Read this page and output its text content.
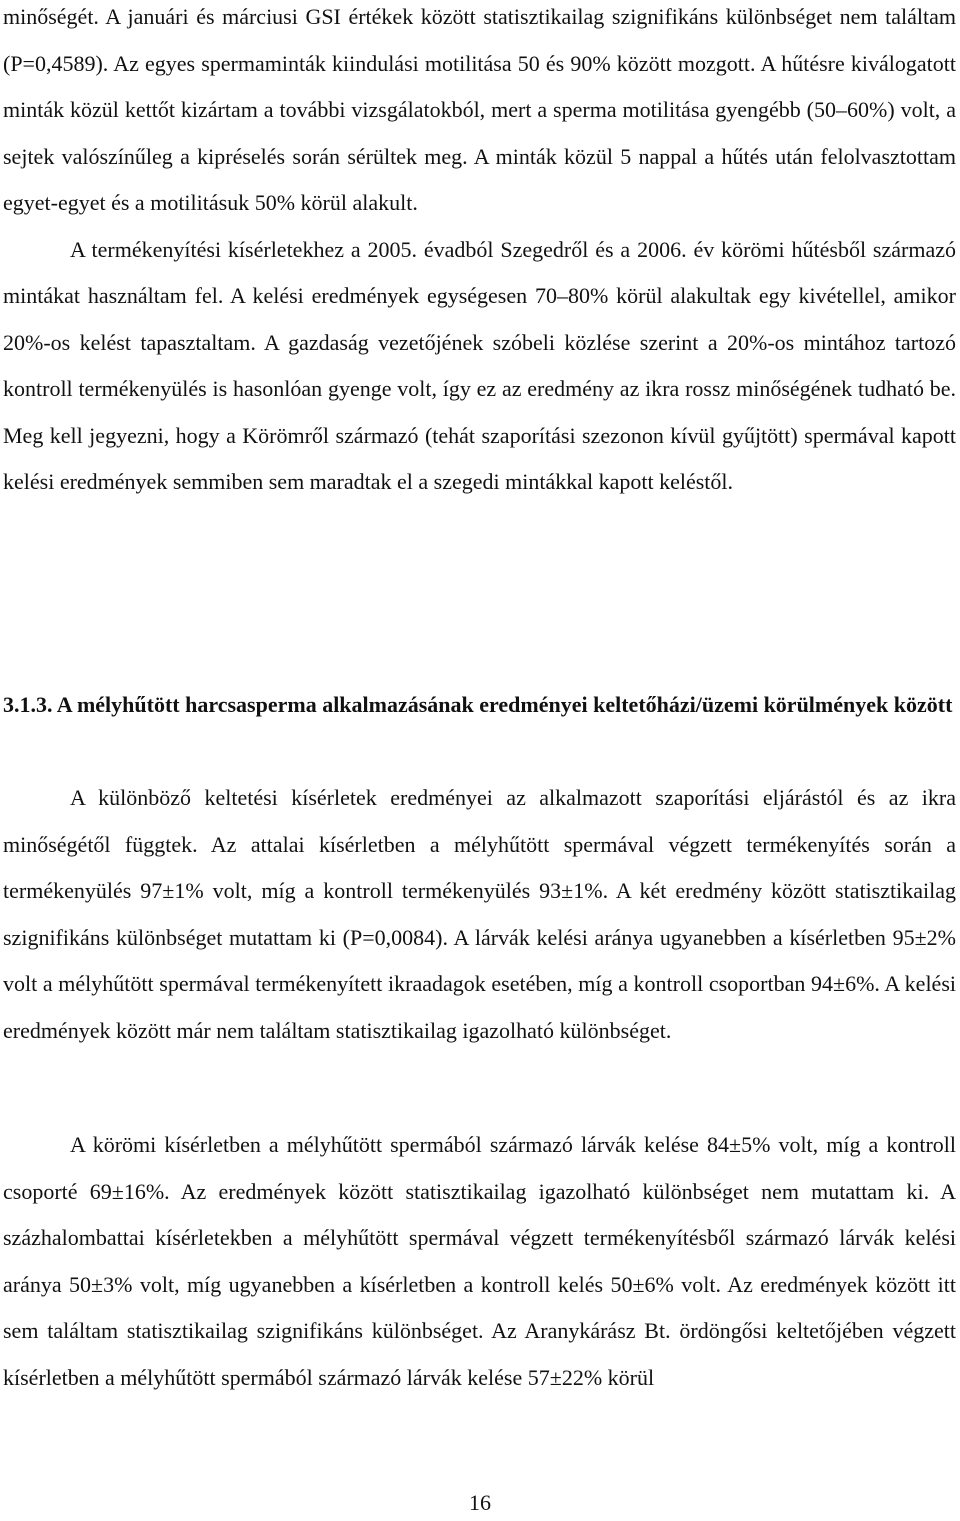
minőségét. A januári és márciusi GSI értékek között statisztikailag szignifikáns különbséget nem találtam (P=0,4589). Az egyes spermaminták kiindulási motilitása 50 és 90% között mozgott. A hűtésre kiválogatott minták közül kettőt kizártam a további vizsgálatokból, mert a sperma motilitása gyengébb (50–60%) volt, a sejtek valószínűleg a kipréselés során sérültek meg. A minták közül 5 nappal a hűtés után felolvasztottam egyet-egyet és a motilitásuk 50% körül alakult.

A termékenyítési kísérletekhez a 2005. évadból Szegedről és a 2006. év körömi hűtésből származó mintákat használtam fel. A kelési eredmények egységesen 70–80% körül alakultak egy kivétellel, amikor 20%-os kelést tapasztaltam. A gazdaság vezetőjének szóbeli közlése szerint a 20%-os mintához tartozó kontroll termékenyülés is hasonlóan gyenge volt, így ez az eredmény az ikra rossz minőségének tudható be. Meg kell jegyezni, hogy a Körömről származó (tehát szaporítási szezonon kívül gyűjtött) spermával kapott kelési eredmények semmiben sem maradtak el a szegedi mintákkal kapott keléstől.

3.1.3. A mélyhűtött harcsasperma alkalmazásának eredményei keltetőházi/üzemi körülmények között

A különböző keltetési kísérletek eredményei az alkalmazott szaporítási eljárástól és az ikra minőségétől függtek. Az attalai kísérletben a mélyhűtött spermával végzett termékenyítés során a termékenyülés 97±1% volt, míg a kontroll termékenyülés 93±1%. A két eredmény között statisztikailag szignifikáns különbséget mutattam ki (P=0,0084). A lárvák kelési aránya ugyanebben a kísérletben 95±2% volt a mélyhűtött spermával termékenyített ikraadagok esetében, míg a kontroll csoportban 94±6%. A kelési eredmények között már nem találtam statisztikailag igazolható különbséget.

A körömi kísérletben a mélyhűtött spermából származó lárvák kelése 84±5% volt, míg a kontroll csoporté 69±16%. Az eredmények között statisztikailag igazolható különbséget nem mutattam ki. A százhalombattai kísérletekben a mélyhűtött spermával végzett termékenyítésből származó lárvák kelési aránya 50±3% volt, míg ugyanebben a kísérletben a kontroll kelés 50±6% volt. Az eredmények között itt sem találtam statisztikailag szignifikáns különbséget. Az Aranykárász Bt. ördöngősi keltetőjében végzett kísérletben a mélyhűtött spermából származó lárvák kelése 57±22% körül

16
